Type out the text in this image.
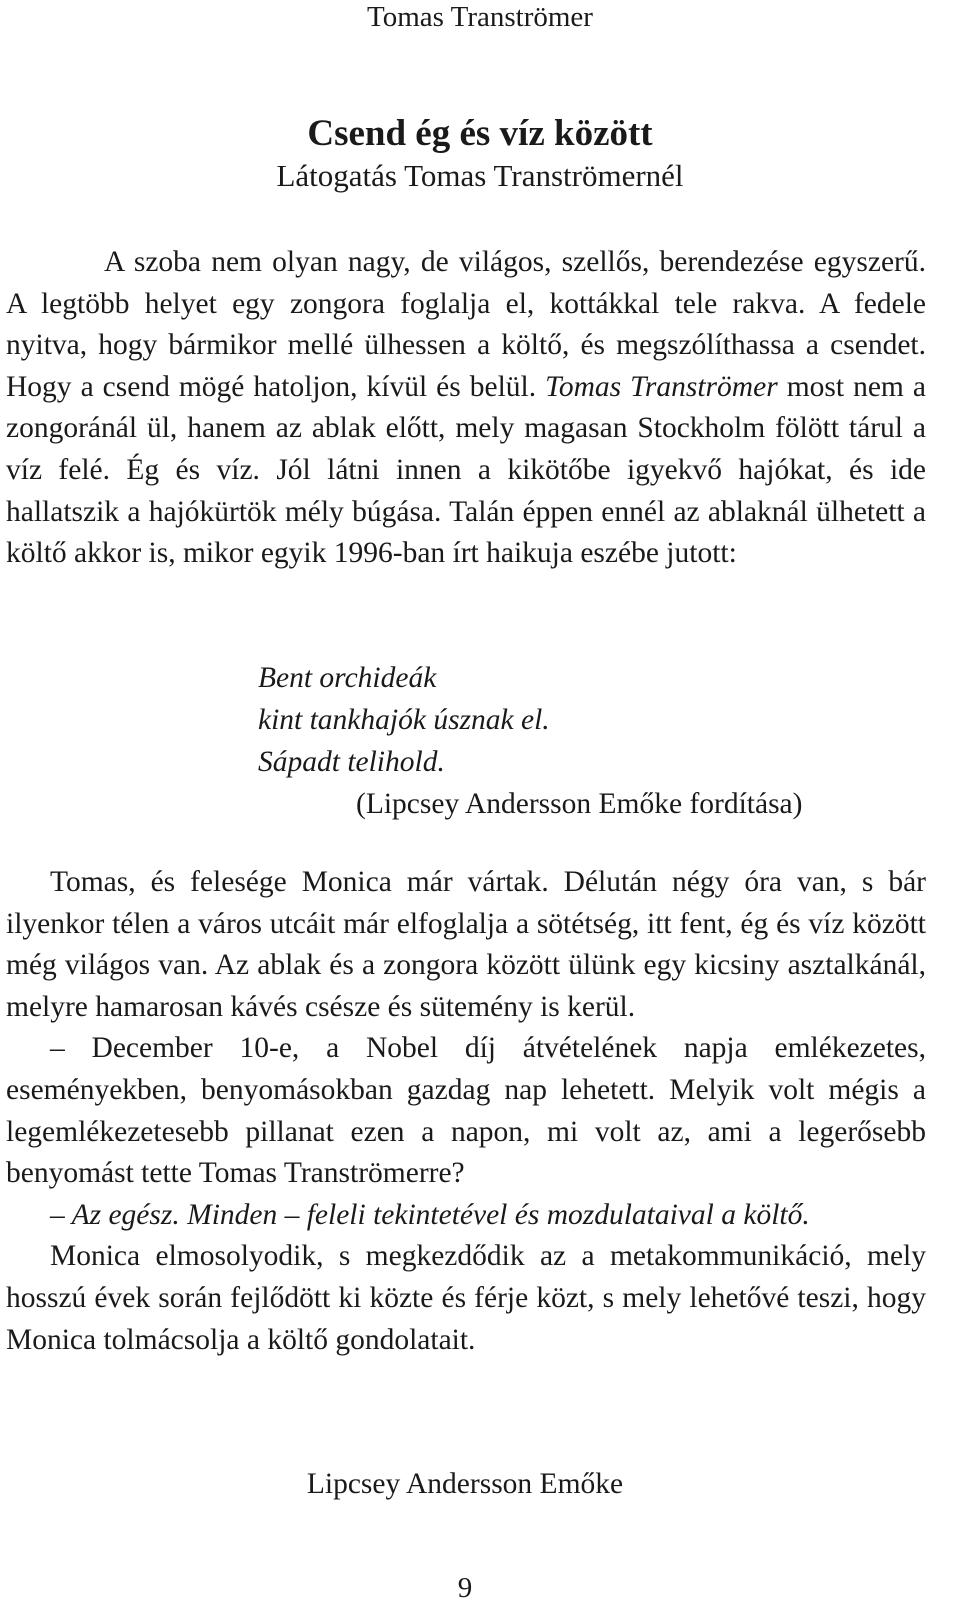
Tomas Tranströmer
Csend ég és víz között
Látogatás Tomas Tranströmernél

A szoba nem olyan nagy, de világos, szellős, berendezése egyszerű. A legtöbb helyet egy zongora foglalja el, kottákkal tele rakva. A fedele nyitva, hogy bármikor mellé ülhessen a költő, és megszólíthassa a csendet. Hogy a csend mögé hatoljon, kívül és belül. Tomas Tranströmer most nem a zongoránál ül, hanem az ablak előtt, mely magasan Stockholm fölött tárul a víz felé. Ég és víz. Jól látni innen a kikötőbe igyekvő hajókat, és ide hallatszik a hajókürtök mély búgása. Talán éppen ennél az ablaknál ülhetett a költő akkor is, mikor egyik 1996-ban írt haikuja eszébe jutott:

Bent orchideák
kint tankhajók úsznak el.
Sápadt telihold.
(Lipcsey Andersson Emőke fordítása)

Tomas, és felesége Monica már vártak. Délután négy óra van, s bár ilyenkor télen a város utcáit már elfoglalja a sötétség, itt fent, ég és víz között még világos van. Az ablak és a zongora között ülünk egy kicsiny asztalkánál, melyre hamarosan kávés csésze és sütemény is kerül.

– December 10-e, a Nobel díj átvételének napja emlékezetes, eseményekben, benyomásokban gazdag nap lehetett. Melyik volt mégis a legemlékezetesebb pillanat ezen a napon, mi volt az, ami a legerősebb benyomást tette Tomas Tranströmerre?

– Az egész. Minden – feleli tekintetével és mozdulataival a költő.

Monica elmosolyodik, s megkezdődik az a metakommunikáció, mely hosszú évek során fejlődött ki közte és férje közt, s mely lehetővé teszi, hogy Monica tolmácsolja a költő gondolatait.

Lipcsey Andersson Emőke
9
